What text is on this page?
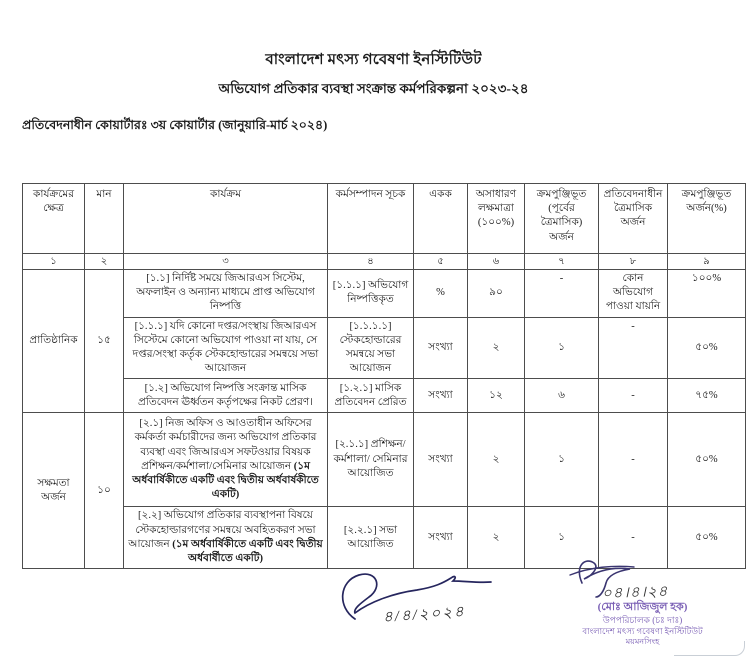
বাংলাদেশ মৎস্য গবেষণা ইনস্টিটিউট
অভিযোগ প্রতিকার ব্যবস্থা সংক্রান্ত কর্মপরিকল্পনা ২০২৩-২৪
প্রতিবেদনাধীন কোয়ার্টারঃ ৩য় কোয়ার্টার (জানুয়ারি-মার্চ ২০২৪)
কার্যক্রমের ক্ষেত্র	মান	কার্যক্রম	কর্মসম্পাদন সূচক	একক	অসাধারণ লক্ষমাত্রা (১০০%)	ক্রমপুঞ্জিভূত (পূর্বের ত্রৈমাসিক) অর্জন	প্রতিবেদনাধীন ত্রৈমাসিক অর্জন	ক্রমপুঞ্জিভূত অর্জন(%)
১	২	৩	৪	৫	৬	৭	৮	৯
প্রাতিষ্ঠানিক	১৫	[১.১] নির্দিষ্ট সময়ে জিআরএস সিস্টেম, অফলাইন ও অন্যান্য মাধ্যমে প্রাপ্ত অভিযোগ নিষ্পত্তি	[১.১.১] অভিযোগ নিষ্পত্তিকৃত	%	৯০	-	কোন অভিযোগ পাওয়া যায়নি	১০০%
		[১.১.১] যদি কোনো দপ্তর/সংস্থায় জিআরএস সিস্টেমে কোনো অভিযোগ পাওয়া না যায়, সে দপ্তর/সংস্থা কর্তৃক স্টেকহোল্ডারের সমন্বয়ে সভা আয়োজন	[১.১.১.১] স্টেকহোল্ডারের সমন্বয়ে সভা আয়োজন	সংখ্যা	২	১	-	৫০%
		[১.২] অভিযোগ নিষ্পত্তি সংক্রান্ত মাসিক প্রতিবেদন ঊর্ধ্বতন কর্তৃপক্ষের নিকট প্রেরণ।	[১.২.১] মাসিক প্রতিবেদন প্রেরিত	সংখ্যা	১২	৬	-	৭৫%
সক্ষমতা অর্জন	১০	[২.১] নিজ অফিস ও আওতাধীন অফিসের কর্মকর্তা কর্মচারীদের জন্য অভিযোগ প্রতিকার ব্যবস্থা এবং জিআরএস সফটওয়ার বিষয়ক প্রশিক্ষন/কর্মশালা/সেমিনার আয়োজন (১ম অর্ধবার্ষিকীতে একটি এবং দ্বিতীয় অর্ধবার্ষকীতে একটি)	[২.১.১] প্রশিক্ষন/কর্মশালা/ সেমিনার আয়োজিত	সংখ্যা	২	১	-	৫০%
		[২.২] অভিযোগ প্রতিকার ব্যবস্থাপনা বিষয়ে স্টেকহোল্ডারগণের সমন্বয়ে অবহিতকরণ সভা আয়োজন (১ম অর্ধবার্ষিকীতে একটি এবং দ্বিতীয় অর্ধবার্ষীতে একটি)	[২.২.১] সভা আয়োজিত	সংখ্যা	২	১	-	৫০%
৪/৪/২০২৪
০৪।৪।২৪
(মোঃ আজিজুল হক)
উপপরিচালক (চঃ দাঃ)
বাংলাদেশ মৎস্য গবেষণা ইনস্টিটিউট
ময়মনসিংহ
